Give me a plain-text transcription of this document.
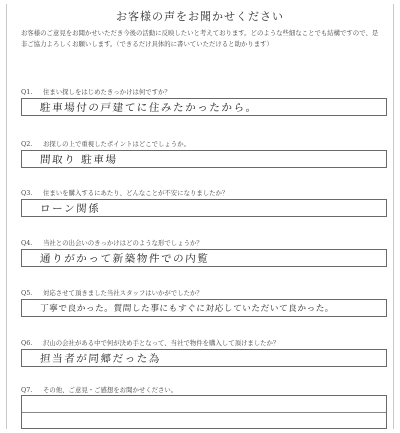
お客様の声をお聞かせください
お客様のご意見をお聞かせいただき今後の活動に反映したいと考えております。どのような些細なことでも結構ですので、是非ご協力よろしくお願いします。（できるだけ具体的に書いていただけると助かります）
Q1. 住まい探しをはじめたきっかけは何ですか？
駐車場付の戸建てに住みたかったから。
Q2. お探しの上で重視したポイントはどこでしょうか。
間取り 駐車場
Q3. 住まいを購入するにあたり、どんなことが不安になりましたか？
ローン関係
Q4. 当社との出会いのきっかけはどのような形でしょうか？
通りがかって新築物件での内覧
Q5. 対応させて頂きました当社スタッフはいかがでしたか？
丁寧で良かった。質問した事にもすぐに対応していただいて良かった。
Q6. 沢山の会社がある中で何が決め手となって、当社で物件を購入して頂けましたか？
担当者が同郷だった為
Q7. その他、ご意見・ご感想をお聞かせください。
